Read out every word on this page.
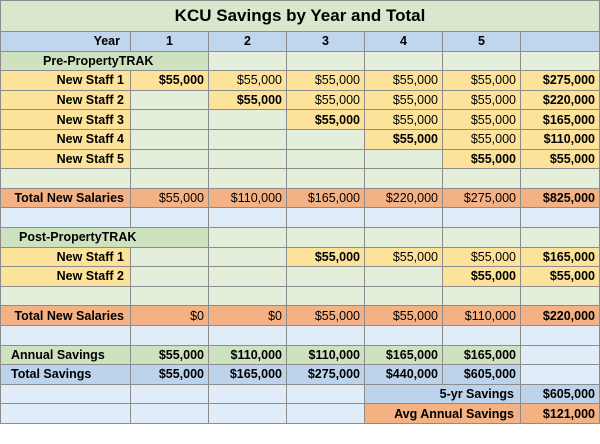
KCU Savings by Year and Total						
Year	1	2	3	4	5	
Pre-PropertyTRAK						
New Staff 1	$55,000	$55,000	$55,000	$55,000	$55,000	$275,000
New Staff 2		$55,000	$55,000	$55,000	$55,000	$220,000
New Staff 3			$55,000	$55,000	$55,000	$165,000
New Staff 4				$55,000	$55,000	$110,000
New Staff 5					$55,000	$55,000

Total New Salaries	$55,000	$110,000	$165,000	$220,000	$275,000	$825,000

Post-PropertyTRAK						
New Staff 1			$55,000	$55,000	$55,000	$165,000
New Staff 2					$55,000	$55,000

Total New Salaries	$0	$0	$55,000	$55,000	$110,000	$220,000

Annual Savings	$55,000	$110,000	$110,000	$165,000	$165,000	
Total Savings	$55,000	$165,000	$275,000	$440,000	$605,000	
				5-yr Savings		$605,000
				Avg Annual Savings		$121,000
